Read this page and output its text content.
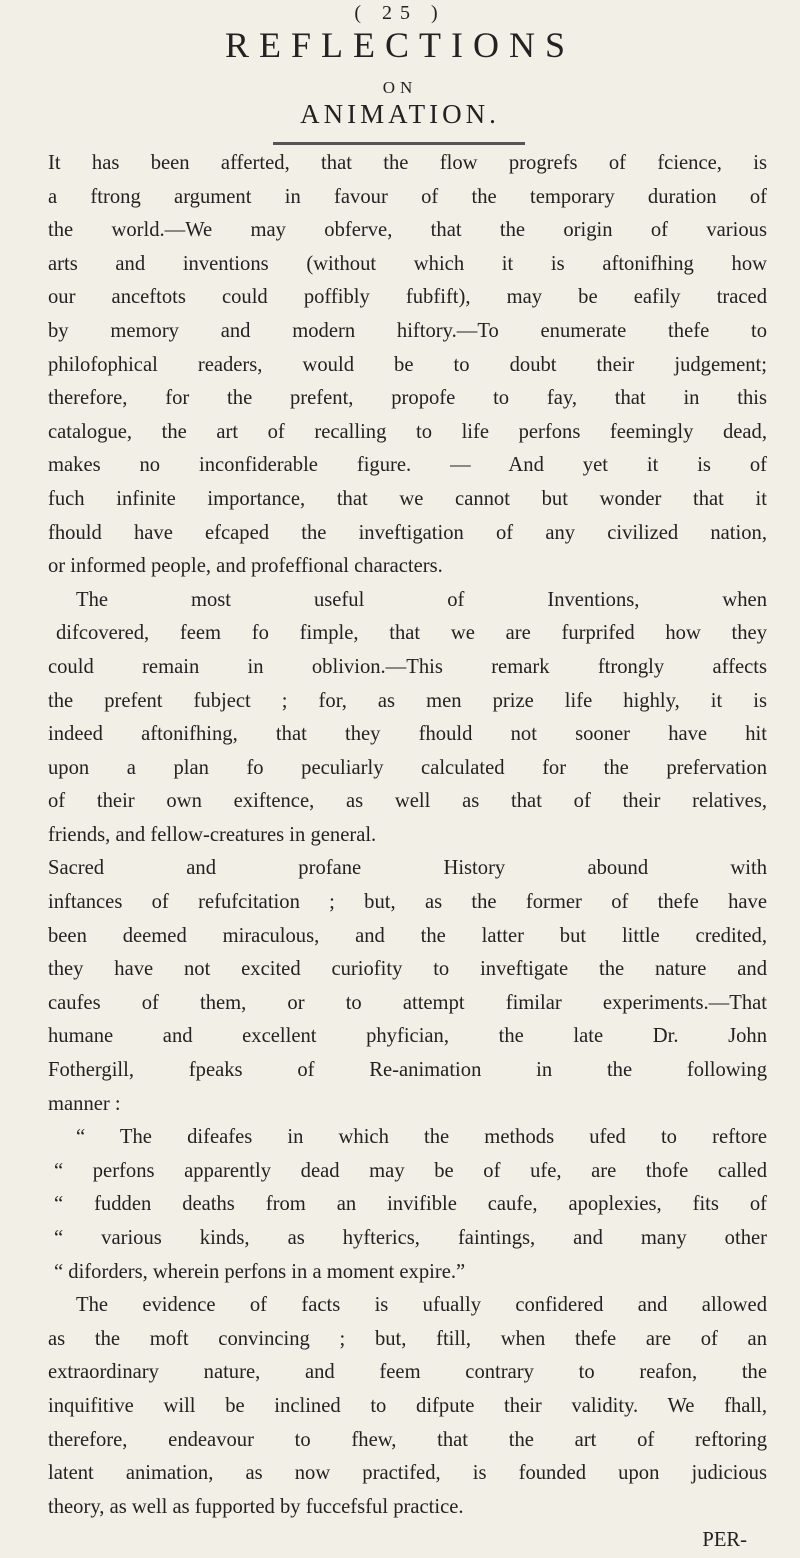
( 25 )
REFLECTIONS
ON
ANIMATION.
It has been afferted, that the flow progrefs of fcience, is
a ftrong argument in favour of the temporary duration of
the world.—We may obferve, that the origin of various
arts and inventions (without which it is aftonifhing how
our anceftots could poffibly fubfift), may be eafily traced
by memory and modern hiftory.—To enumerate thefe to
philofophical readers, would be to doubt their judgement;
therefore, for the prefent, propofe to fay, that in this
catalogue, the art of recalling to life perfons feemingly dead,
makes no inconfiderable figure. — And yet it is of
fuch infinite importance, that we cannot but wonder that it
fhould have efcaped the inveftigation of any civilized nation,
or informed people, and profeffional characters.
The most useful of Inventions, when
difcovered, feem fo fimple, that we are furprifed how they
could remain in oblivion.—This remark ftrongly affects
the prefent fubject ; for, as men prize life highly, it is
indeed aftonifhing, that they fhould not sooner have hit
upon a plan fo peculiarly calculated for the prefervation
of their own exiftence, as well as that of their relatives,
friends, and fellow-creatures in general.
Sacred and profane History abound with
inftances of refufcitation ; but, as the former of thefe have
been deemed miraculous, and the latter but little credited,
they have not excited curiofity to inveftigate the nature and
caufes of them, or to attempt fimilar experiments.—That
humane and excellent phyfician, the late Dr. John
Fothergill, fpeaks of Re-animation in the following
manner :
“ The difeafes in which the methods ufed to reftore
“ perfons apparently dead may be of ufe, are thofe called
“ fudden deaths from an invifible caufe, apoplexies, fits of
“ various kinds, as hyfterics, faintings, and many other
“ diforders, wherein perfons in a moment expire.”
The evidence of facts is ufually confidered and allowed
as the moft convincing ; but, ftill, when thefe are of an
extraordinary nature, and feem contrary to reafon, the
inquifitive will be inclined to difpute their validity. We fhall,
therefore, endeavour to fhew, that the art of reftoring
latent animation, as now practifed, is founded upon judicious
theory, as well as fupported by fuccefsful practice.
PER-
